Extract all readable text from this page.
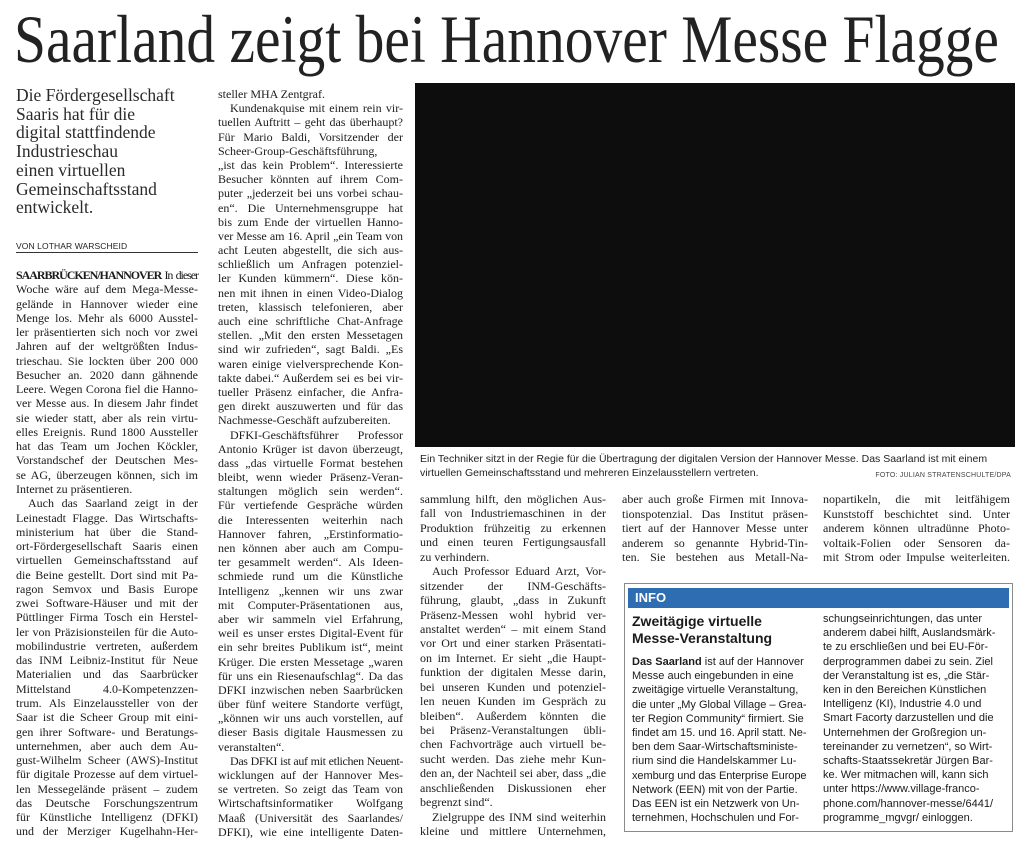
Saarland zeigt bei Hannover Messe Flagge
Die Fördergesellschaft
Saaris hat für die
digital stattfindende
Industrieschau
einen virtuellen
Gemeinschaftsstand
entwickelt.
VON LOTHAR WARSCHEID
SAARBRÜCKEN/HANNOVER In dieser
Woche wäre auf dem Mega-Messe-
gelände in Hannover wieder eine
Menge los. Mehr als 6000 Ausstel-
ler präsentierten sich noch vor zwei
Jahren auf der weltgrößten Indus-
trieschau. Sie lockten über 200 000
Besucher an. 2020 dann gähnende
Leere. Wegen Corona fiel die Hanno-
ver Messe aus. In diesem Jahr findet
sie wieder statt, aber als rein virtu-
elles Ereignis. Rund 1800 Aussteller
hat das Team um Jochen Köckler,
Vorstandschef der Deutschen Mes-
se AG, überzeugen können, sich im
Internet zu präsentieren.
Auch das Saarland zeigt in der
Leinestadt Flagge. Das Wirtschafts-
ministerium hat über die Stand-
ort-Fördergesellschaft Saaris einen
virtuellen Gemeinschaftsstand auf
die Beine gestellt. Dort sind mit Pa-
ragon Semvox und Basis Europe
zwei Software-Häuser und mit der
Püttlinger Firma Tosch ein Herstel-
ler von Präzisionsteilen für die Auto-
mobilindustrie vertreten, außerdem
das INM Leibniz-Institut für Neue
Materialien und das Saarbrücker
Mittelstand 4.0-Kompetenzzen-
trum. Als Einzelaussteller von der
Saar ist die Scheer Group mit eini-
gen ihrer Software- und Beratungs-
unternehmen, aber auch dem Au-
gust-Wilhelm Scheer (AWS)-Institut
für digitale Prozesse auf dem virtuel-
len Messegelände präsent – zudem
das Deutsche Forschungszentrum
für Künstliche Intelligenz (DFKI)
und der Merziger Kugelhahn-Her-
steller MHA Zentgraf.
Kundenakquise mit einem rein vir-
tuellen Auftritt – geht das überhaupt?
Für Mario Baldi, Vorsitzender der
Scheer-Group-Geschäftsführung,
„ist das kein Problem“. Interessierte
Besucher könnten auf ihrem Com-
puter „jederzeit bei uns vorbei schau-
en“. Die Unternehmensgruppe hat
bis zum Ende der virtuellen Hanno-
ver Messe am 16. April „ein Team von
acht Leuten abgestellt, die sich aus-
schließlich um Anfragen potenziel-
ler Kunden kümmern“. Diese kön-
nen mit ihnen in einen Video-Dialog
treten, klassisch telefonieren, aber
auch eine schriftliche Chat-Anfrage
stellen. „Mit den ersten Messetagen
sind wir zufrieden“, sagt Baldi. „Es
waren einige vielversprechende Kon-
takte dabei.“ Außerdem sei es bei vir-
tueller Präsenz einfacher, die Anfra-
gen direkt auszuwerten und für das
Nachmesse-Geschäft aufzubereiten.
DFKI-Geschäftsführer Professor
Antonio Krüger ist davon überzeugt,
dass „das virtuelle Format bestehen
bleibt, wenn wieder Präsenz-Veran-
staltungen möglich sein werden“.
Für vertiefende Gespräche würden
die Interessenten weiterhin nach
Hannover fahren, „Erstinformatio-
nen können aber auch am Compu-
ter gesammelt werden“. Als Ideen-
schmiede rund um die Künstliche
Intelligenz „kennen wir uns zwar
mit Computer-Präsentationen aus,
aber wir sammeln viel Erfahrung,
weil es unser erstes Digital-Event für
ein sehr breites Publikum ist“, meint
Krüger. Die ersten Messetage „waren
für uns ein Riesenaufschlag“. Da das
DFKI inzwischen neben Saarbrücken
über fünf weitere Standorte verfügt,
„können wir uns auch vorstellen, auf
dieser Basis digitale Hausmessen zu
veranstalten“.
Das DFKI ist auf mit etlichen Neuent-
wicklungen auf der Hannover Mes-
se vertreten. So zeigt das Team von
Wirtschaftsinformatiker Wolfgang
Maaß (Universität des Saarlandes/
DFKI), wie eine intelligente Daten-
sammlung hilft, den möglichen Aus-
fall von Industriemaschinen in der
Produktion frühzeitig zu erkennen
und einen teuren Fertigungsausfall
zu verhindern.
Auch Professor Eduard Arzt, Vor-
sitzender der INM-Geschäfts-
führung, glaubt, „dass in Zukunft
Präsenz-Messen wohl hybrid ver-
anstaltet werden“ – mit einem Stand
vor Ort und einer starken Präsentati-
on im Internet. Er sieht „die Haupt-
funktion der digitalen Messe darin,
bei unseren Kunden und potenziel-
len neuen Kunden im Gespräch zu
bleiben“. Außerdem könnten die
bei Präsenz-Veranstaltungen übli-
chen Fachvorträge auch virtuell be-
sucht werden. Das ziehe mehr Kun-
den an, der Nachteil sei aber, dass „die
anschließenden Diskussionen eher
begrenzt sind“.
Zielgruppe des INM sind weiterhin
kleine und mittlere Unternehmen,
aber auch große Firmen mit Innova-
tionspotenzial. Das Institut präsen-
tiert auf der Hannover Messe unter
anderem so genannte Hybrid-Tin-
ten. Sie bestehen aus Metall-Na-
nopartikeln, die mit leitfähigem
Kunststoff beschichtet sind. Unter
anderem können ultradünne Photo-
voltaik-Folien oder Sensoren da-
mit Strom oder Impulse weiterleiten.
Ein Techniker sitzt in der Regie für die Übertragung der digitalen Version der Hannover Messe. Das Saarland ist mit einem
virtuellen Gemeinschaftsstand und mehreren Einzelausstellern vertreten.	FOTO: JULIAN STRATENSCHULTE/DPA
INFO
Zweitägige virtuelle
Messe-Veranstaltung
Das Saarland ist auf der Hannover
Messe auch eingebunden in eine
zweitägige virtuelle Veranstaltung,
die unter „My Global Village – Grea-
ter Region Community“ firmiert. Sie
findet am 15. und 16. April statt. Ne-
ben dem Saar-Wirtschaftsministe-
rium sind die Handelskammer Lu-
xemburg und das Enterprise Europe
Network (EEN) mit von der Partie.
Das EEN ist ein Netzwerk von Un-
ternehmen, Hochschulen und For-
schungseinrichtungen, das unter
anderem dabei hilft, Auslandsmärk-
te zu erschließen und bei EU-För-
derprogrammen dabei zu sein. Ziel
der Veranstaltung ist es, „die Stär-
ken in den Bereichen Künstlichen
Intelligenz (KI), Industrie 4.0 und
Smart Facorty darzustellen und die
Unternehmen der Großregion un-
tereinander zu vernetzen“, so Wirt-
schafts-Staatssekretär Jürgen Bar-
ke. Wer mitmachen will, kann sich
unter https://www.village-franco-
phone.com/hannover-messe/6441/
programme_mgvgr/ einloggen.
